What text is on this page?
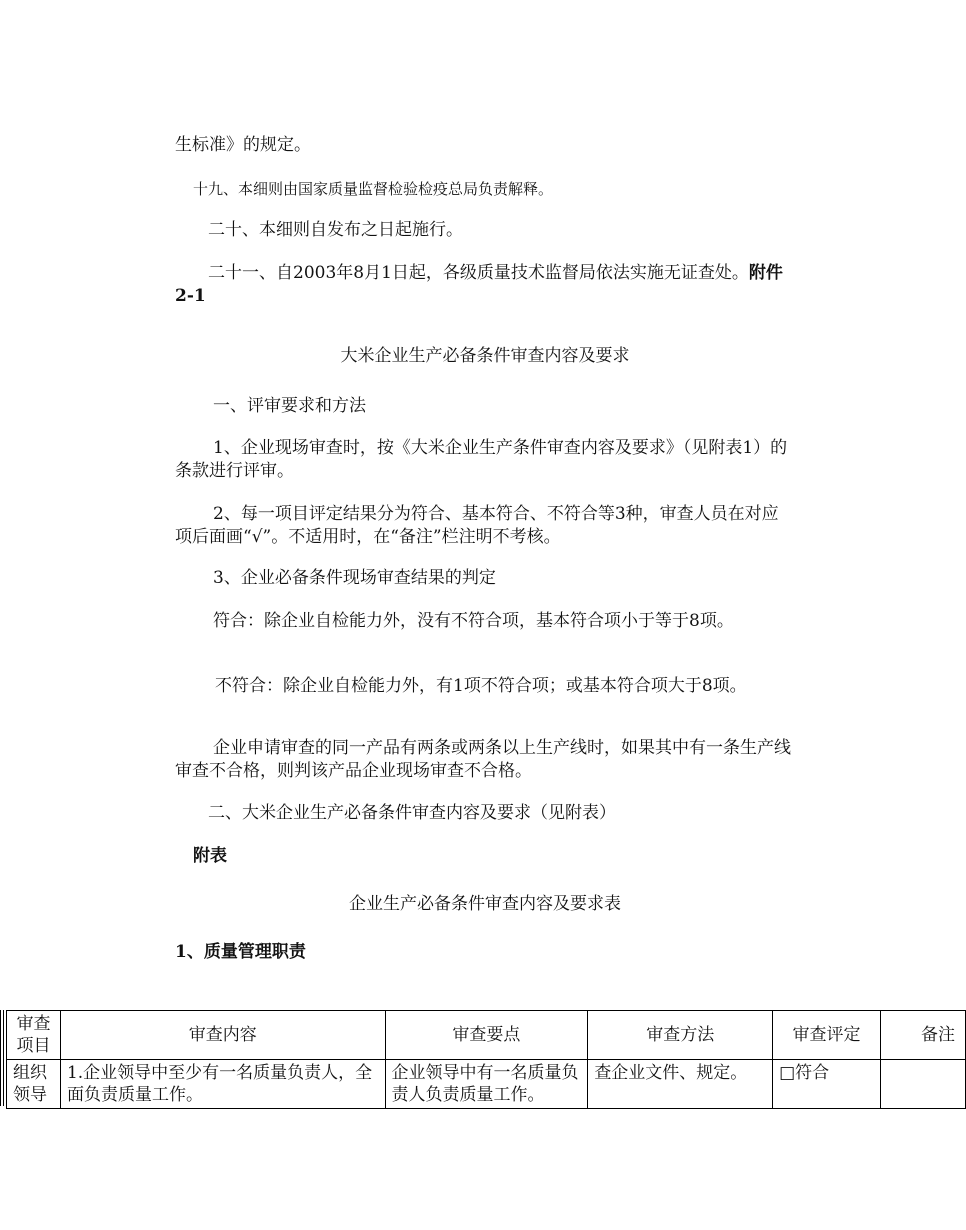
生标准》的规定。
十九、本细则由国家质量监督检验检疫总局负责解释。
二十、本细则自发布之日起施行。
二十一、自2003年8月1日起，各级质量技术监督局依法实施无证查处。附件 2-1
大米企业生产必备条件审查内容及要求
一、评审要求和方法
1、企业现场审查时，按《大米企业生产条件审查内容及要求》（见附表1）的条款进行评审。
2、每一项目评定结果分为符合、基本符合、不符合等3种，审查人员在对应项后面画“√”。不适用时，在“备注”栏注明不考核。
3、企业必备条件现场审查结果的判定
符合：除企业自检能力外，没有不符合项，基本符合项小于等于8项。
不符合：除企业自检能力外，有1项不符合项；或基本符合项大于8项。
企业申请审查的同一产品有两条或两条以上生产线时，如果其中有一条生产线审查不合格，则判该产品企业现场审查不合格。
二、大米企业生产必备条件审查内容及要求（见附表）
附表
企业生产必备条件审查内容及要求表
1、质量管理职责
审查项目	审查内容	审查要点	审查方法	审查评定	备注
组织领导	1.企业领导中至少有一名质量负责人，全面负责质量工作。	企业领导中有一名质量负责人负责质量工作。	查企业文件、规定。	□符合	
